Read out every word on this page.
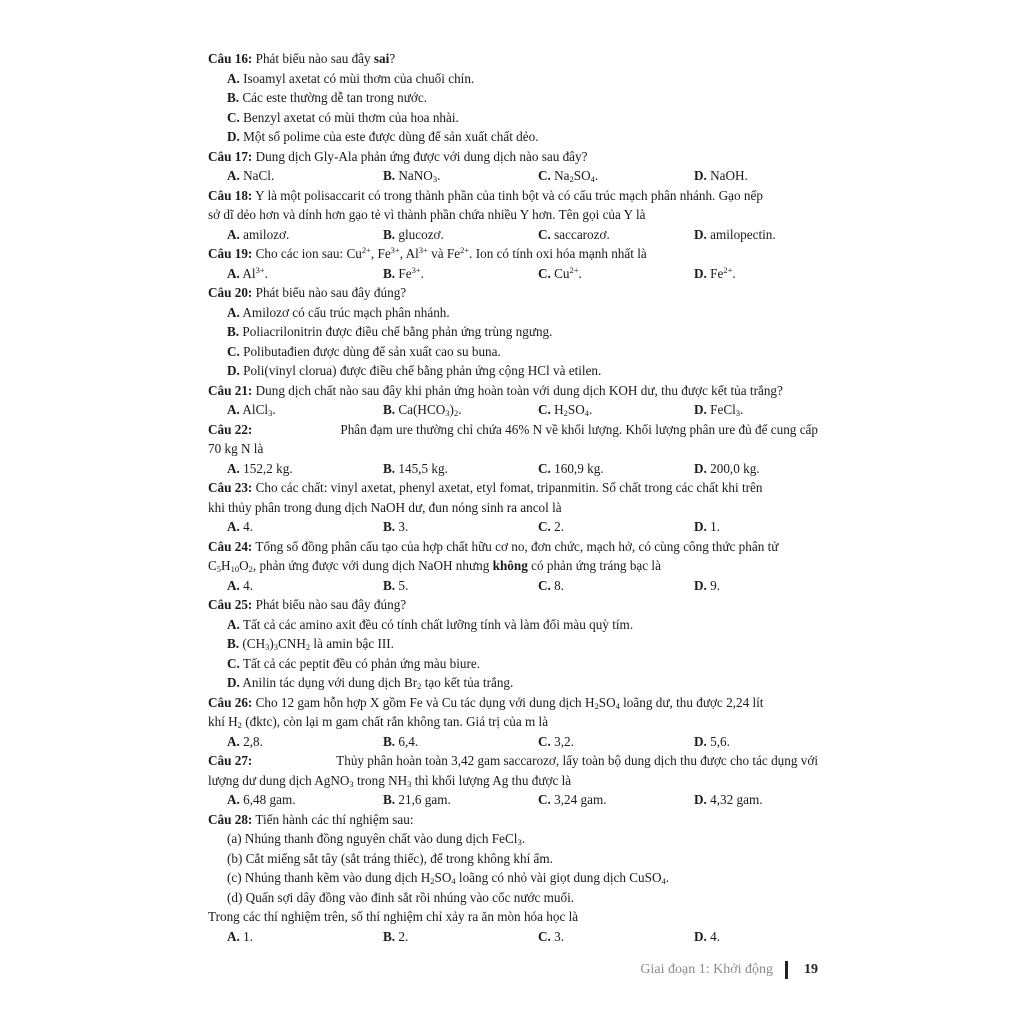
Câu 16: Phát biểu nào sau đây sai?
A. Isoamyl axetat có mùi thơm của chuối chín.
B. Các este thường dễ tan trong nước.
C. Benzyl axetat có mùi thơm của hoa nhài.
D. Một số polime của este được dùng để sản xuất chất dẻo.
Câu 17: Dung dịch Gly-Ala phản ứng được với dung dịch nào sau đây?
A. NaCl.	B. NaNO$_3$.	C. $Na_2SO_4$.	D. NaOH.
Câu 18: Y là một polisaccarit có trong thành phần của tinh bột và có cấu trúc mạch phân nhánh. Gạo nếp
sở dĩ dẻo hơn và dính hơn gạo tẻ vì thành phần chứa nhiều Y hơn. Tên gọi của Y là
A. amilozơ.	B. glucozơ.	C. saccarozơ.	D. amilopectin.
Câu 19: Cho các ion sau: $Cu^{2+}$, $Fe^{3+}$, $Al^{3+}$ và $Fe^{2+}$. Ion có tính oxi hóa mạnh nhất là
A. $Al^{3+}$.	B. $Fe^{3+}$.	C. $Cu^{2+}$.	D. $Fe^{2+}$.
Câu 20: Phát biểu nào sau đây đúng?
A. Amilozơ có cấu trúc mạch phân nhánh.
B. Poliacrilonitrin được điều chế bằng phản ứng trùng ngưng.
C. Polibutađien được dùng để sản xuất cao su buna.
D. Poli(vinyl clorua) được điều chế bằng phản ứng cộng HCl và etilen.
Câu 21: Dung dịch chất nào sau đây khi phản ứng hoàn toàn với dung dịch KOH dư, thu được kết tủa trắng?
A. AlCl$_3$.	B. $Ca(HCO_3)_2$.	C. $H_2SO_4$.	D. FeCl$_3$.
Câu 22:	Phân đạm ure thường chỉ chứa 46% N về khối lượng. Khối lượng phân ure đủ để cung cấp
70 kg N là
A. 152,2 kg.	B. 145,5 kg.	C. 160,9 kg.	D. 200,0 kg.
Câu 23: Cho các chất: vinyl axetat, phenyl axetat, etyl fomat, tripanmitin. Số chất trong các chất khi trên
khi thủy phân trong dung dịch NaOH dư, đun nóng sinh ra ancol là
A. 4.	B. 3.	C. 2.	D. 1.
Câu 24: Tổng số đồng phân cấu tạo của hợp chất hữu cơ no, đơn chức, mạch hở, có cùng công thức phân tử
$C_5H_{10}O_2$, phản ứng được với dung dịch NaOH nhưng không có phản ứng tráng bạc là
A. 4.	B. 5.	C. 8.	D. 9.
Câu 25: Phát biểu nào sau đây đúng?
A. Tất cả các amino axit đều có tính chất lưỡng tính và làm đổi màu quỳ tím.
B. $(CH_3)_3CNH_2$ là amin bậc III.
C. Tất cả các peptit đều có phản ứng màu biure.
D. Anilin tác dụng với dung dịch $Br_2$ tạo kết tủa trắng.
Câu 26: Cho 12 gam hỗn hợp X gồm Fe và Cu tác dụng với dung dịch $H_2SO_4$ loãng dư, thu được 2,24 lít
khí $H_2$ (đktc), còn lại m gam chất rắn không tan. Giá trị của m là
A. 2,8.	B. 6,4.	C. 3,2.	D. 5,6.
Câu 27:	Thủy phân hoàn toàn 3,42 gam saccarozơ, lấy toàn bộ dung dịch thu được cho tác dụng với
lượng dư dung dịch AgNO$_3$ trong $NH_3$ thì khối lượng Ag thu được là
A. 6,48 gam.	B. 21,6 gam.	C. 3,24 gam.	D. 4,32 gam.
Câu 28: Tiến hành các thí nghiệm sau:
(a) Nhúng thanh đồng nguyên chất vào dung dịch FeCl$_3$.
(b) Cắt miếng sắt tây (sắt tráng thiếc), để trong không khí ẩm.
(c) Nhúng thanh kẽm vào dung dịch $H_2SO_4$ loãng có nhỏ vài giọt dung dịch CuSO$_4$.
(d) Quấn sợi dây đồng vào đinh sắt rồi nhúng vào cốc nước muối.
Trong các thí nghiệm trên, số thí nghiệm chỉ xảy ra ăn mòn hóa học là
A. 1.	B. 2.	C. 3.	D. 4.
Giai đoạn 1: Khởi động 19
